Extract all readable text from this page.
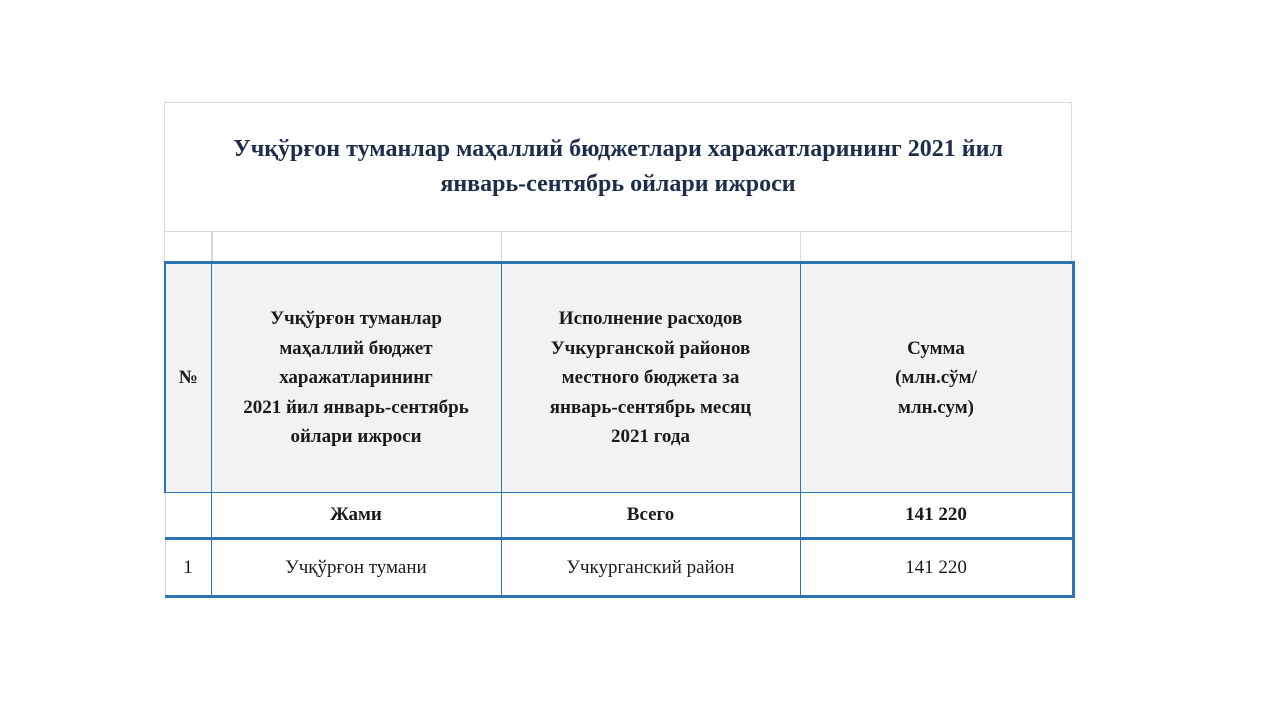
Учқўрғон туманлар маҳаллий бюджетлари харажатларининг 2021 йил
январь-сентябрь ойлари ижроси
№	Учқўрғон туманлар
маҳаллий бюджет
харажатларининг
2021 йил январь-сентябрь
ойлари ижроси	Исполнение расходов
Учкурганской районов
местного бюджета за
январь-сентябрь месяц
2021 года	Сумма
(млн.сўм/
млн.сум)
	Жами	Всего	141 220
1	Учқўрғон тумани	Учкурганский район	141 220
